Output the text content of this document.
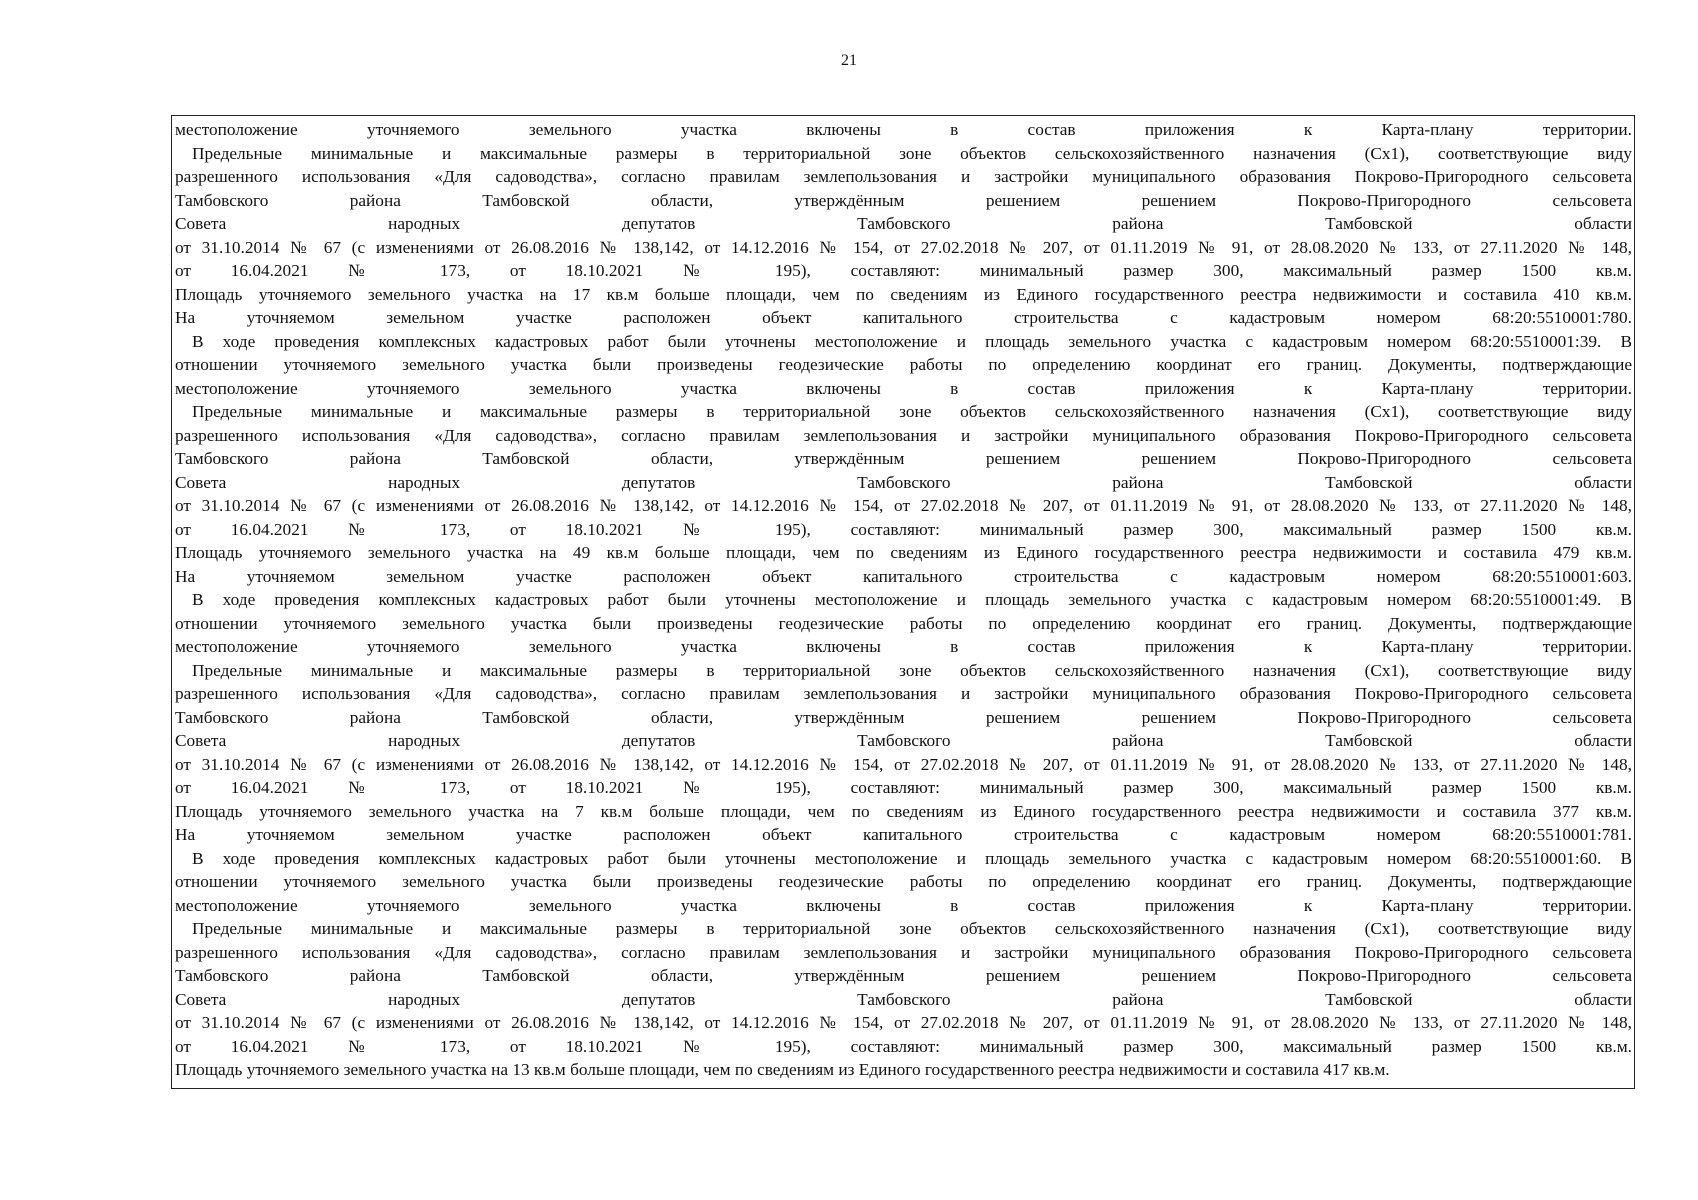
21
местоположение уточняемого земельного участка включены в состав приложения к Карта-плану территории.
Предельные минимальные и максимальные размеры в территориальной зоне объектов сельскохозяйственного назначения (Сх1), соответствующие виду
разрешенного использования «Для садоводства», согласно правилам землепользования и застройки муниципального образования Покрово-Пригородного сельсовета
Тамбовского района Тамбовской области, утверждённым решением решением Покрово-Пригородного сельсовета
Совета народных депутатов Тамбовского района Тамбовской области
от 31.10.2014 № 67 (с изменениями от 26.08.2016 № 138,142, от 14.12.2016 № 154, от 27.02.2018 № 207, от 01.11.2019 № 91, от 28.08.2020 № 133, от 27.11.2020 № 148,
от 16.04.2021 № 173, от 18.10.2021 № 195), составляют: минимальный размер 300, максимальный размер 1500 кв.м.
Площадь уточняемого земельного участка на 17 кв.м больше площади, чем по сведениям из Единого государственного реестра недвижимости и составила 410 кв.м.
На уточняемом земельном участке расположен объект капитального строительства с кадастровым номером 68:20:5510001:780.
В ходе проведения комплексных кадастровых работ были уточнены местоположение и площадь земельного участка с кадастровым номером 68:20:5510001:39. В
отношении уточняемого земельного участка были произведены геодезические работы по определению координат его границ. Документы, подтверждающие
местоположение уточняемого земельного участка включены в состав приложения к Карта-плану территории.
Предельные минимальные и максимальные размеры в территориальной зоне объектов сельскохозяйственного назначения (Сх1), соответствующие виду
разрешенного использования «Для садоводства», согласно правилам землепользования и застройки муниципального образования Покрово-Пригородного сельсовета
Тамбовского района Тамбовской области, утверждённым решением решением Покрово-Пригородного сельсовета
Совета народных депутатов Тамбовского района Тамбовской области
от 31.10.2014 № 67 (с изменениями от 26.08.2016 № 138,142, от 14.12.2016 № 154, от 27.02.2018 № 207, от 01.11.2019 № 91, от 28.08.2020 № 133, от 27.11.2020 № 148,
от 16.04.2021 № 173, от 18.10.2021 № 195), составляют: минимальный размер 300, максимальный размер 1500 кв.м.
Площадь уточняемого земельного участка на 49 кв.м больше площади, чем по сведениям из Единого государственного реестра недвижимости и составила 479 кв.м.
На уточняемом земельном участке расположен объект капитального строительства с кадастровым номером 68:20:5510001:603.
В ходе проведения комплексных кадастровых работ были уточнены местоположение и площадь земельного участка с кадастровым номером 68:20:5510001:49. В
отношении уточняемого земельного участка были произведены геодезические работы по определению координат его границ. Документы, подтверждающие
местоположение уточняемого земельного участка включены в состав приложения к Карта-плану территории.
Предельные минимальные и максимальные размеры в территориальной зоне объектов сельскохозяйственного назначения (Сх1), соответствующие виду
разрешенного использования «Для садоводства», согласно правилам землепользования и застройки муниципального образования Покрово-Пригородного сельсовета
Тамбовского района Тамбовской области, утверждённым решением решением Покрово-Пригородного сельсовета
Совета народных депутатов Тамбовского района Тамбовской области
от 31.10.2014 № 67 (с изменениями от 26.08.2016 № 138,142, от 14.12.2016 № 154, от 27.02.2018 № 207, от 01.11.2019 № 91, от 28.08.2020 № 133, от 27.11.2020 № 148,
от 16.04.2021 № 173, от 18.10.2021 № 195), составляют: минимальный размер 300, максимальный размер 1500 кв.м.
Площадь уточняемого земельного участка на 7 кв.м больше площади, чем по сведениям из Единого государственного реестра недвижимости и составила 377 кв.м.
На уточняемом земельном участке расположен объект капитального строительства с кадастровым номером 68:20:5510001:781.
В ходе проведения комплексных кадастровых работ были уточнены местоположение и площадь земельного участка с кадастровым номером 68:20:5510001:60. В
отношении уточняемого земельного участка были произведены геодезические работы по определению координат его границ. Документы, подтверждающие
местоположение уточняемого земельного участка включены в состав приложения к Карта-плану территории.
Предельные минимальные и максимальные размеры в территориальной зоне объектов сельскохозяйственного назначения (Сх1), соответствующие виду
разрешенного использования «Для садоводства», согласно правилам землепользования и застройки муниципального образования Покрово-Пригородного сельсовета
Тамбовского района Тамбовской области, утверждённым решением решением Покрово-Пригородного сельсовета
Совета народных депутатов Тамбовского района Тамбовской области
от 31.10.2014 № 67 (с изменениями от 26.08.2016 № 138,142, от 14.12.2016 № 154, от 27.02.2018 № 207, от 01.11.2019 № 91, от 28.08.2020 № 133, от 27.11.2020 № 148,
от 16.04.2021 № 173, от 18.10.2021 № 195), составляют: минимальный размер 300, максимальный размер 1500 кв.м.
Площадь уточняемого земельного участка на 13 кв.м больше площади, чем по сведениям из Единого государственного реестра недвижимости и составила 417 кв.м.
